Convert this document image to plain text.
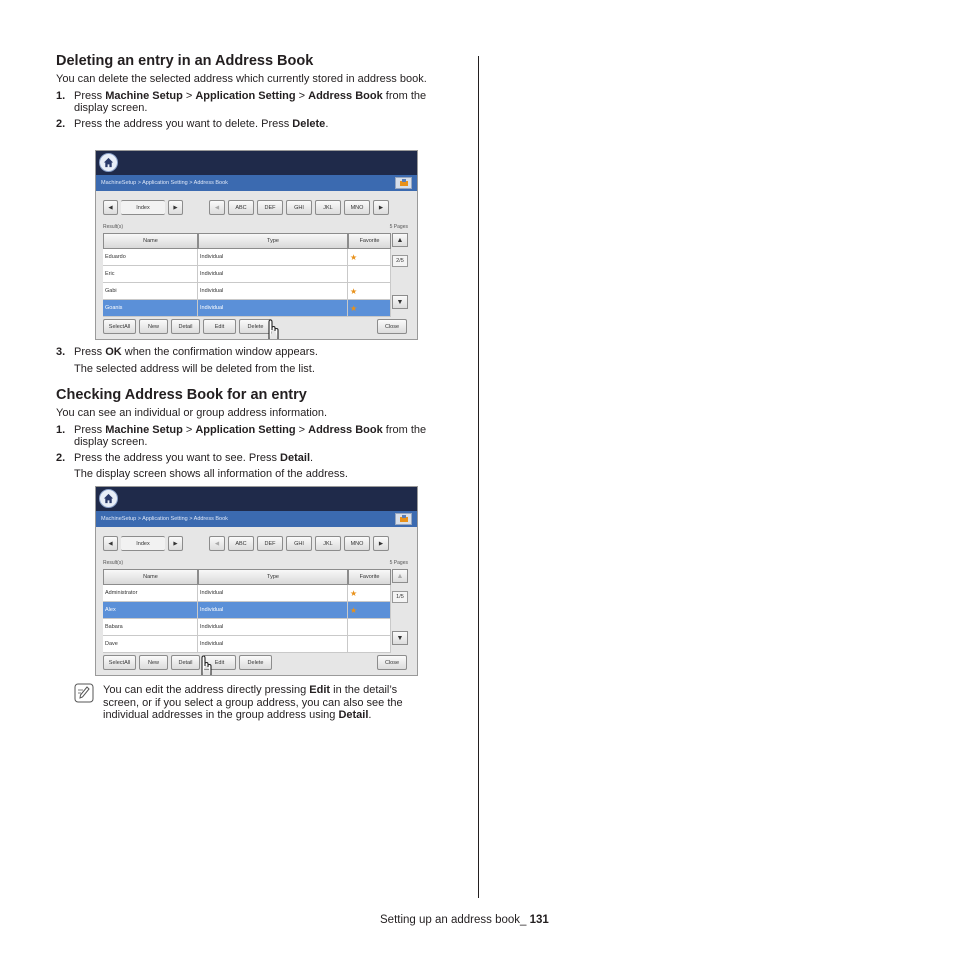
Deleting an entry in an Address Book

You can delete the selected address which currently stored in address book.

1. Press Machine Setup > Application Setting > Address Book from the display screen.
2. Press the address you want to delete. Press Delete.
MachineSetup > Application Setting > Address Book
◀	Index	▶	◀	ABC	DEF	GHI	JKL	MNO	▶
Result(s)	5 Pages
Name	Type	Favorite
Eduardo	Individual	★
Eric	Individual
Gabi	Individual	★
Goanis	Individual	★
▲
2/5
▼
SelectAll	New	Detail	Edit	Delete	Close
3. Press OK when the confirmation window appears.

The selected address will be deleted from the list.

Checking Address Book for an entry

You can see an individual or group address information.

1. Press Machine Setup > Application Setting > Address Book from the display screen.
2. Press the address you want to see. Press Detail.

The display screen shows all information of the address.

MachineSetup > Application Setting > Address Book
◀	Index	▶	◀	ABC	DEF	GHI	JKL	MNO	▶
Result(s)	5 Pages
Name	Type	Favorite
Administrator	Individual	★
Alex	Individual	★
Babara	Individual
Dave	Individual
▲
1/5
▼
SelectAll	New	Detail	Edit	Delete	Close
You can edit the address directly pressing Edit in the detail’s screen, or if you select a group address, you can also see the individual addresses in the group address using Detail.
Setting up an address book_ 131
